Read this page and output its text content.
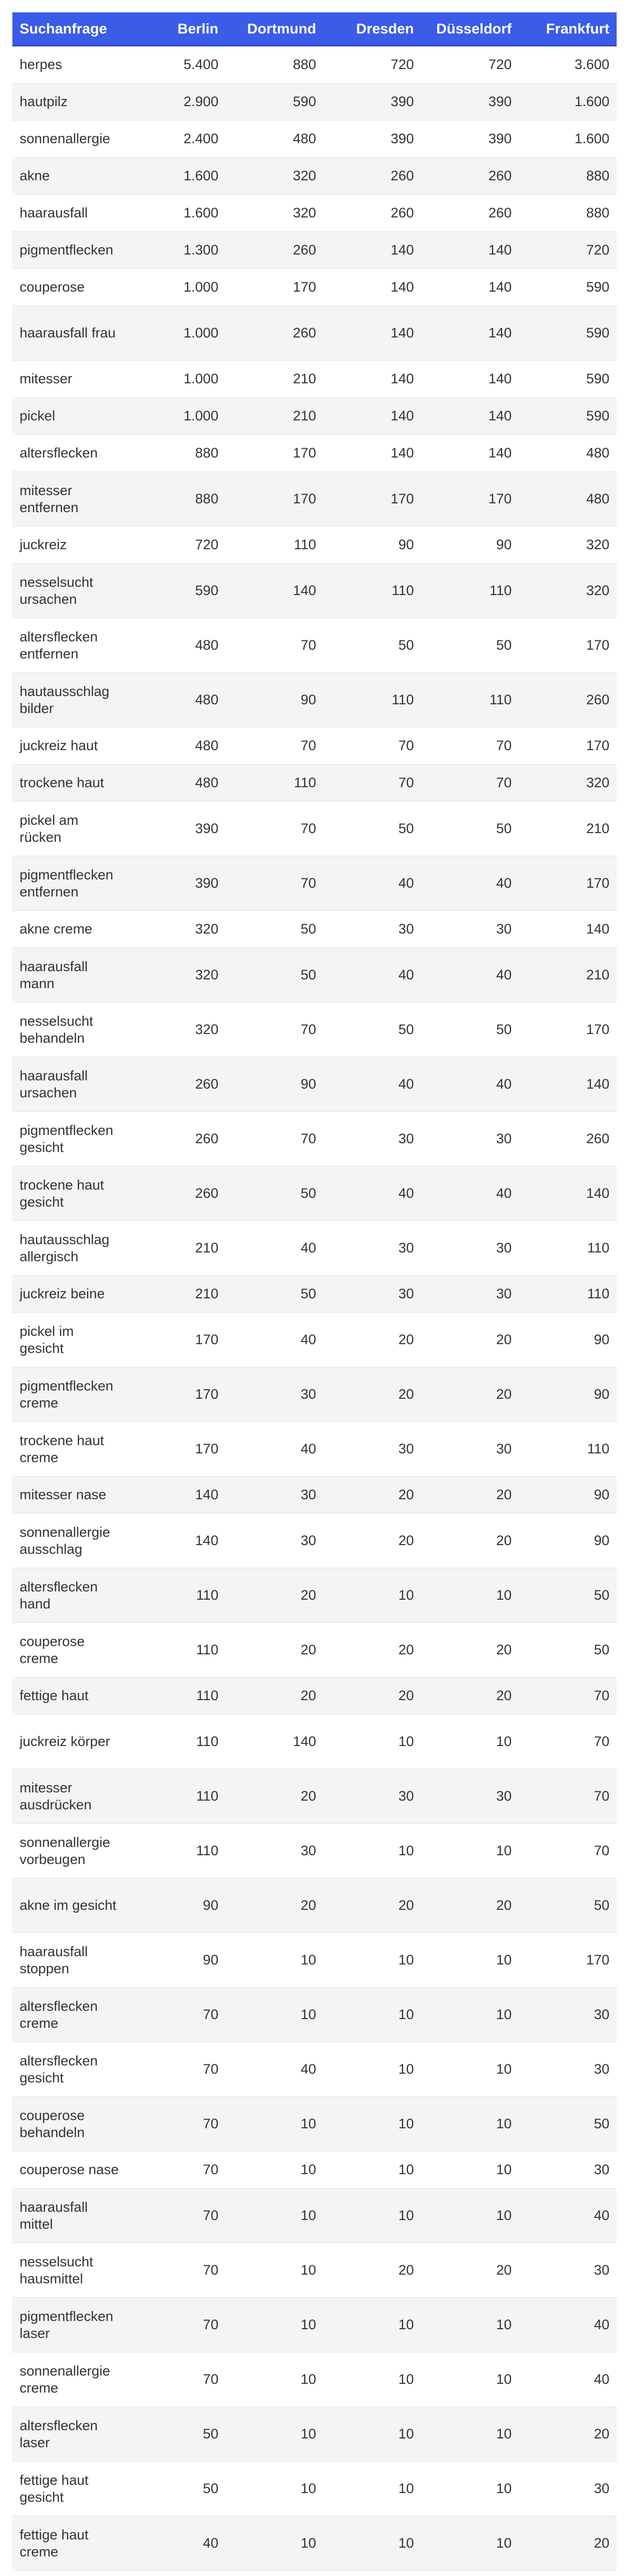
Suchanfrage	Berlin	Dortmund	Dresden	Düsseldorf	Frankfurt
herpes	5.400	880	720	720	3.600
hautpilz	2.900	590	390	390	1.600
sonnenallergie	2.400	480	390	390	1.600
akne	1.600	320	260	260	880
haarausfall	1.600	320	260	260	880
pigmentflecken	1.300	260	140	140	720
couperose	1.000	170	140	140	590
haarausfall frau	1.000	260	140	140	590
mitesser	1.000	210	140	140	590
pickel	1.000	210	140	140	590
altersflecken	880	170	140	140	480
mitesser entfernen	880	170	170	170	480
juckreiz	720	110	90	90	320
nesselsucht ursachen	590	140	110	110	320
altersflecken entfernen	480	70	50	50	170
hautausschlag bilder	480	90	110	110	260
juckreiz haut	480	70	70	70	170
trockene haut	480	110	70	70	320
pickel am rücken	390	70	50	50	210
pigmentflecken entfernen	390	70	40	40	170
akne creme	320	50	30	30	140
haarausfall mann	320	50	40	40	210
nesselsucht behandeln	320	70	50	50	170
haarausfall ursachen	260	90	40	40	140
pigmentflecken gesicht	260	70	30	30	260
trockene haut gesicht	260	50	40	40	140
hautausschlag allergisch	210	40	30	30	110
juckreiz beine	210	50	30	30	110
pickel im gesicht	170	40	20	20	90
pigmentflecken creme	170	30	20	20	90
trockene haut creme	170	40	30	30	110
mitesser nase	140	30	20	20	90
sonnenallergie ausschlag	140	30	20	20	90
altersflecken hand	110	20	10	10	50
couperose creme	110	20	20	20	50
fettige haut	110	20	20	20	70
juckreiz körper	110	140	10	10	70
mitesser ausdrücken	110	20	30	30	70
sonnenallergie vorbeugen	110	30	10	10	70
akne im gesicht	90	20	20	20	50
haarausfall stoppen	90	10	10	10	170
altersflecken creme	70	10	10	10	30
altersflecken gesicht	70	40	10	10	30
couperose behandeln	70	10	10	10	50
couperose nase	70	10	10	10	30
haarausfall mittel	70	10	10	10	40
nesselsucht hausmittel	70	10	20	20	30
pigmentflecken laser	70	10	10	10	40
sonnenallergie creme	70	10	10	10	40
altersflecken laser	50	10	10	10	20
fettige haut gesicht	50	10	10	10	30
fettige haut creme	40	10	10	10	20
